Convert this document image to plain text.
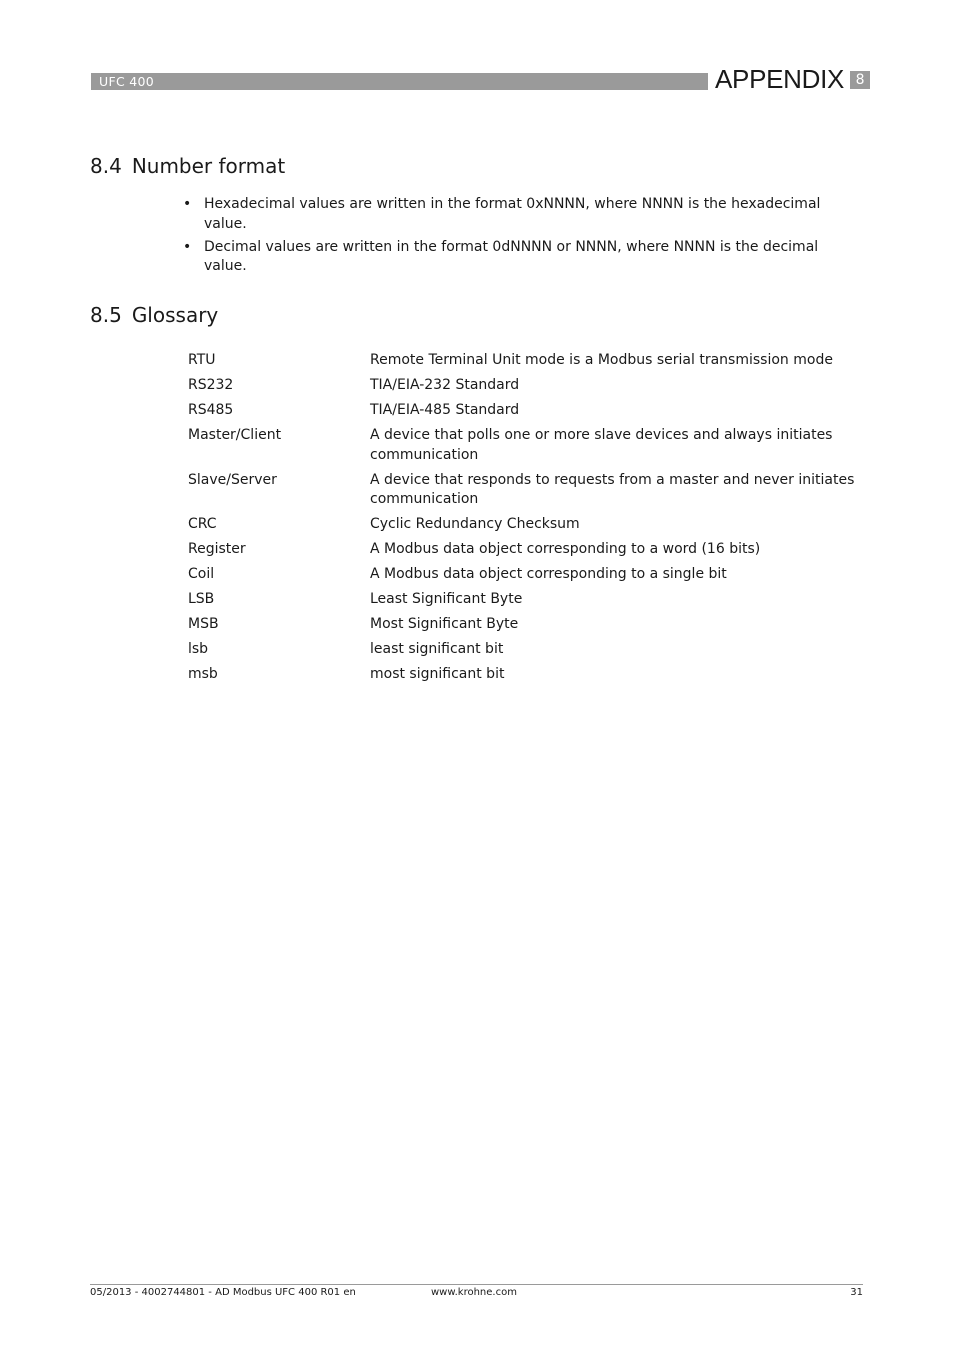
UFC 400	APPENDIX 8
8.4 Number format
• Hexadecimal values are written in the format 0xNNNN, where NNNN is the hexadecimal value.
• Decimal values are written in the format 0dNNNN or NNNN, where NNNN is the decimal value.
8.5 Glossary
RTU	Remote Terminal Unit mode is a Modbus serial transmission mode
RS232	TIA/EIA-232 Standard
RS485	TIA/EIA-485 Standard
Master/Client	A device that polls one or more slave devices and always initiates communication
Slave/Server	A device that responds to requests from a master and never initiates communication
CRC	Cyclic Redundancy Checksum
Register	A Modbus data object corresponding to a word (16 bits)
Coil	A Modbus data object corresponding to a single bit
LSB	Least Significant Byte
MSB	Most Significant Byte
lsb	least significant bit
msb	most significant bit
05/2013 - 4002744801 - AD Modbus UFC 400 R01 en	www.krohne.com	31
